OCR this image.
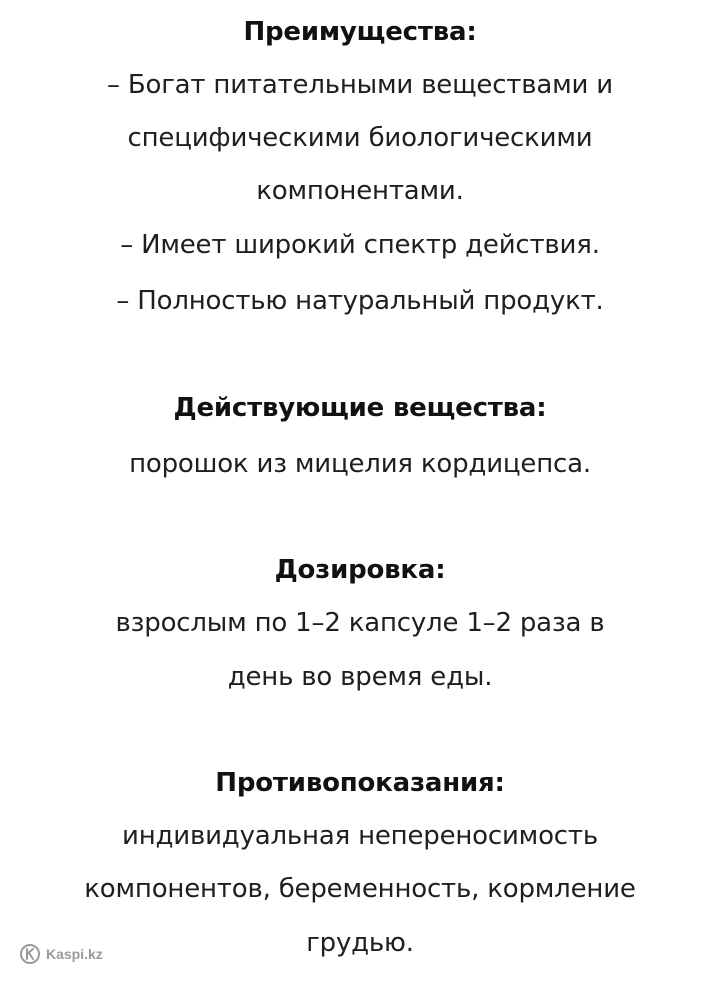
Преимущества:
– Богат питательными веществами и
специфическими биологическими
компонентами.
– Имеет широкий спектр действия.
– Полностью натуральный продукт.
Действующие вещества:
порошок из мицелия кордицепса.
Дозировка:
взрослым по 1–2 капсуле 1–2 раза в
день во время еды.
Противопоказания:
индивидуальная непереносимость
компонентов, беременность, кормление
грудью.
Kaspi.kz
